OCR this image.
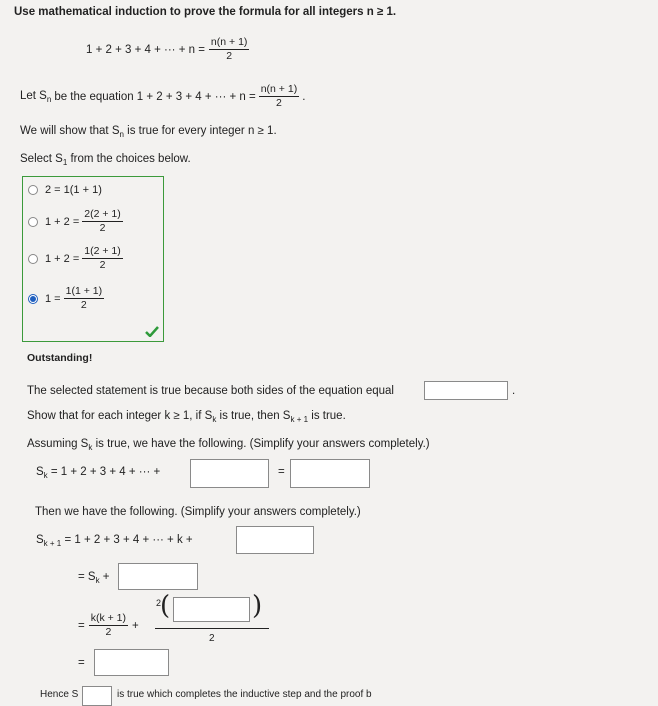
Use mathematical induction to prove the formula for all integers n ≥ 1.
1 + 2 + 3 + 4 + ··· + $n = \frac{n(n + 1)}{2}$
Let $S_n$ be the equation 1 + 2 + 3 + 4 + ··· + $n = \frac{n(n + 1)}{2}$ .
We will show that $S_n$ is true for every integer n ≥ 1.
Select $S_1$ from the choices below.
2 = 1(1 + 1)
$1 + 2 = \frac{2(2 + 1)}{2}$
$1 + 2 = \frac{1(2 + 1)}{2}$
$1 = \frac{1(1 + 1)}{2}$
Outstanding!
The selected statement is true because both sides of the equation equal	.
Show that for each integer k ≥ 1, if $S_k$ is true, then $S_{k + 1}$ is true.
Assuming $S_k$ is true, we have the following. (Simplify your answers completely.)
$S_k = 1 + 2 + 3 + 4$ + ··· +	=
Then we have the following. (Simplify your answers completely.)
$S_{k + 1} = 1 + 2 + 3 + 4$ + ··· + k +
= $S_k$ +
= $\frac{k(k + 1)}{2}$ +
2
(	)
2
=
Hence S	is true which completes the inductive step and the proof b
